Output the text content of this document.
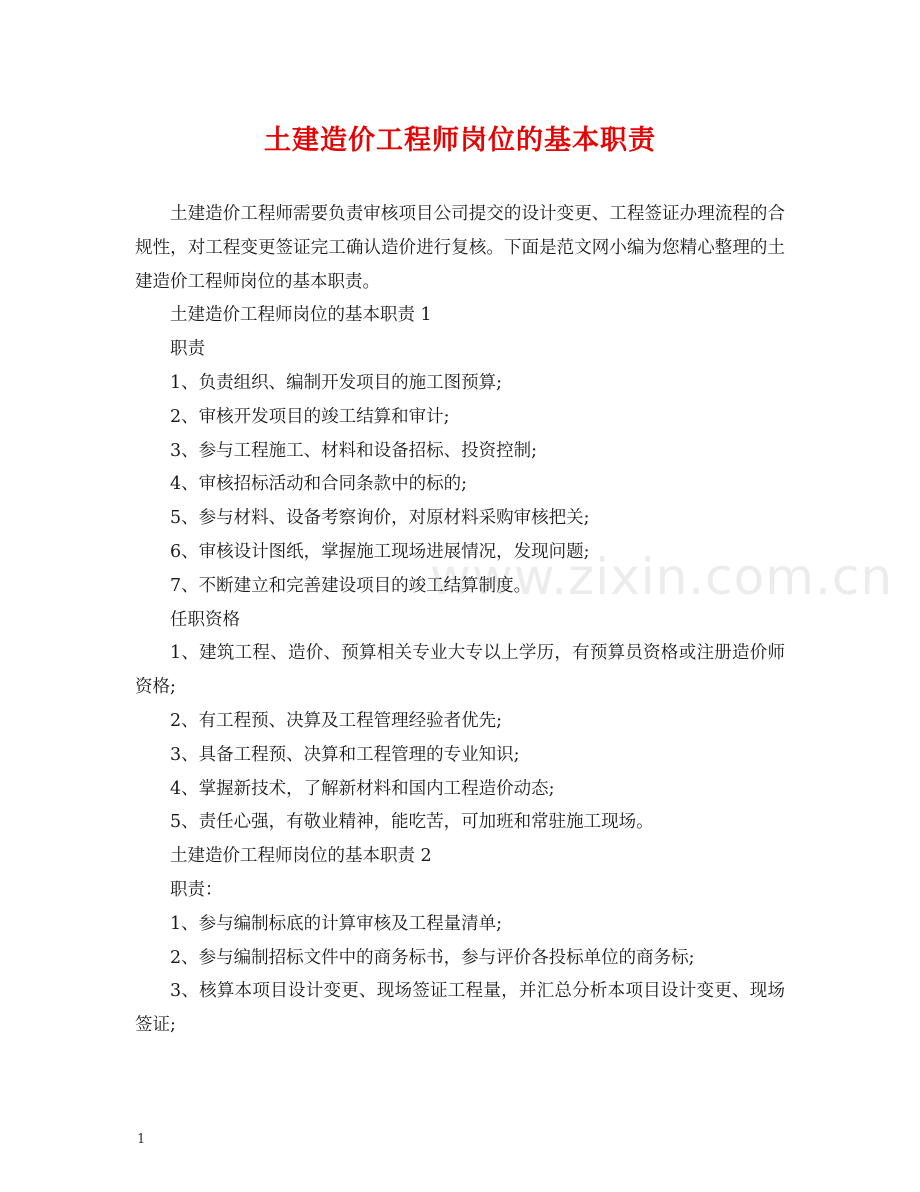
土建造价工程师岗位的基本职责

土建造价工程师需要负责审核项目公司提交的设计变更、工程签证办理流程的合规性，对工程变更签证完工确认造价进行复核。下面是范文网小编为您精心整理的土建造价工程师岗位的基本职责。

土建造价工程师岗位的基本职责 1

职责

1、负责组织、编制开发项目的施工图预算;

2、审核开发项目的竣工结算和审计;

3、参与工程施工、材料和设备招标、投资控制;

4、审核招标活动和合同条款中的标的;

5、参与材料、设备考察询价，对原材料采购审核把关;

6、审核设计图纸，掌握施工现场进展情况，发现问题;

7、不断建立和完善建设项目的竣工结算制度。

任职资格

1、建筑工程、造价、预算相关专业大专以上学历，有预算员资格或注册造价师资格;

2、有工程预、决算及工程管理经验者优先;

3、具备工程预、决算和工程管理的专业知识;

4、掌握新技术，了解新材料和国内工程造价动态;

5、责任心强，有敬业精神，能吃苦，可加班和常驻施工现场。

土建造价工程师岗位的基本职责 2

职责：

1、参与编制标底的计算审核及工程量清单;

2、参与编制招标文件中的商务标书，参与评价各投标单位的商务标;

3、核算本项目设计变更、现场签证工程量，并汇总分析本项目设计变更、现场签证;

www.zixin.com.cn
1
